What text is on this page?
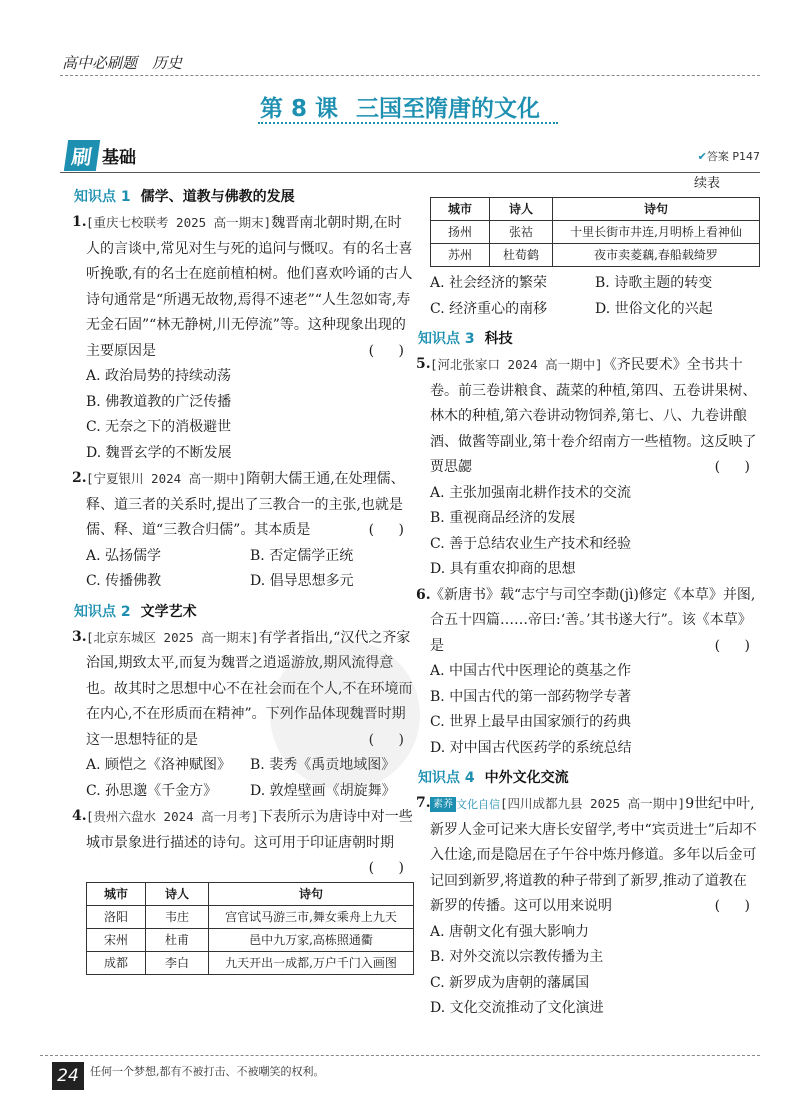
高中必刷题　历史
第 8 课 三国至隋唐的文化
刷 基础	✔答案 P147
知识点 1 儒学、道教与佛教的发展

1. [重庆七校联考 2025 高一期末]魏晋南北朝时期,在时人的言谈中,常见对生与死的追问与慨叹。有的名士喜听挽歌,有的名士在庭前植柏树。他们喜欢吟诵的古人诗句通常是“所遇无故物,焉得不速老”“人生忽如寄,寿无金石固”“林无静树,川无停流”等。这种现象出现的主要原因是	( )

A. 政治局势的持续动荡
B. 佛教道教的广泛传播
C. 无奈之下的消极避世
D. 魏晋玄学的不断发展

2. [宁夏银川 2024 高一期中]隋朝大儒王通,在处理儒、释、道三者的关系时,提出了三教合一的主张,也就是儒、释、道“三教合归儒”。其本质是	( )

A. 弘扬儒学	B. 否定儒学正统
C. 传播佛教	D. 倡导思想多元
知识点 2 文学艺术

3. [北京东城区 2025 高一期末]有学者指出,“汉代之齐家治国,期致太平,而复为魏晋之逍遥游放,期风流得意也。故其时之思想中心不在社会而在个人,不在环境而在内心,不在形质而在精神”。下列作品体现魏晋时期这一思想特征的是	( )

A. 顾恺之《洛神赋图》	B. 裴秀《禹贡地域图》
C. 孙思邈《千金方》	D. 敦煌壁画《胡旋舞》

4. [贵州六盘水 2024 高一月考]下表所示为唐诗中对一些城市景象进行描述的诗句。这可用于印证唐朝时期
( )

城市	诗人	诗句
洛阳	韦庄	宫官试马游三市,舞女乘舟上九天
宋州	杜甫	邑中九万家,高栋照通衢
成都	李白	九天开出一成都,万户千门入画图
续表
城市	诗人	诗句
扬州	张祜	十里长街市井连,月明桥上看神仙
苏州	杜荀鹤	夜市卖菱藕,春船载绮罗
A. 社会经济的繁荣	B. 诗歌主题的转变
C. 经济重心的南移	D. 世俗文化的兴起
知识点 3 科技

5. [河北张家口 2024 高一期中]《齐民要术》全书共十卷。前三卷讲粮食、蔬菜的种植,第四、五卷讲果树、林木的种植,第六卷讲动物饲养,第七、八、九卷讲酿酒、做酱等副业,第十卷介绍南方一些植物。这反映了贾思勰	( )

A. 主张加强南北耕作技术的交流
B. 重视商品经济的发展
C. 善于总结农业生产技术和经验
D. 具有重农抑商的思想

6. 《新唐书》载“志宁与司空李勣(jì)修定《本草》并图,合五十四篇……帝曰:‘善。’其书遂大行”。该《本草》是	( )

A. 中国古代中医理论的奠基之作
B. 中国古代的第一部药物学专著
C. 世界上最早由国家颁行的药典
D. 对中国古代医药学的系统总结
知识点 4 中外文化交流

7. 素养 文化自信[四川成都九县 2025 高一期中]9世纪中叶,新罗人金可记来大唐长安留学,考中“宾贡进士”后却不入仕途,而是隐居在子午谷中炼丹修道。多年以后金可记回到新罗,将道教的种子带到了新罗,推动了道教在新罗的传播。这可以用来说明	( )

A. 唐朝文化有强大影响力
B. 对外交流以宗教传播为主
C. 新罗成为唐朝的藩属国
D. 文化交流推动了文化演进
24	任何一个梦想,都有不被打击、不被嘲笑的权利。
